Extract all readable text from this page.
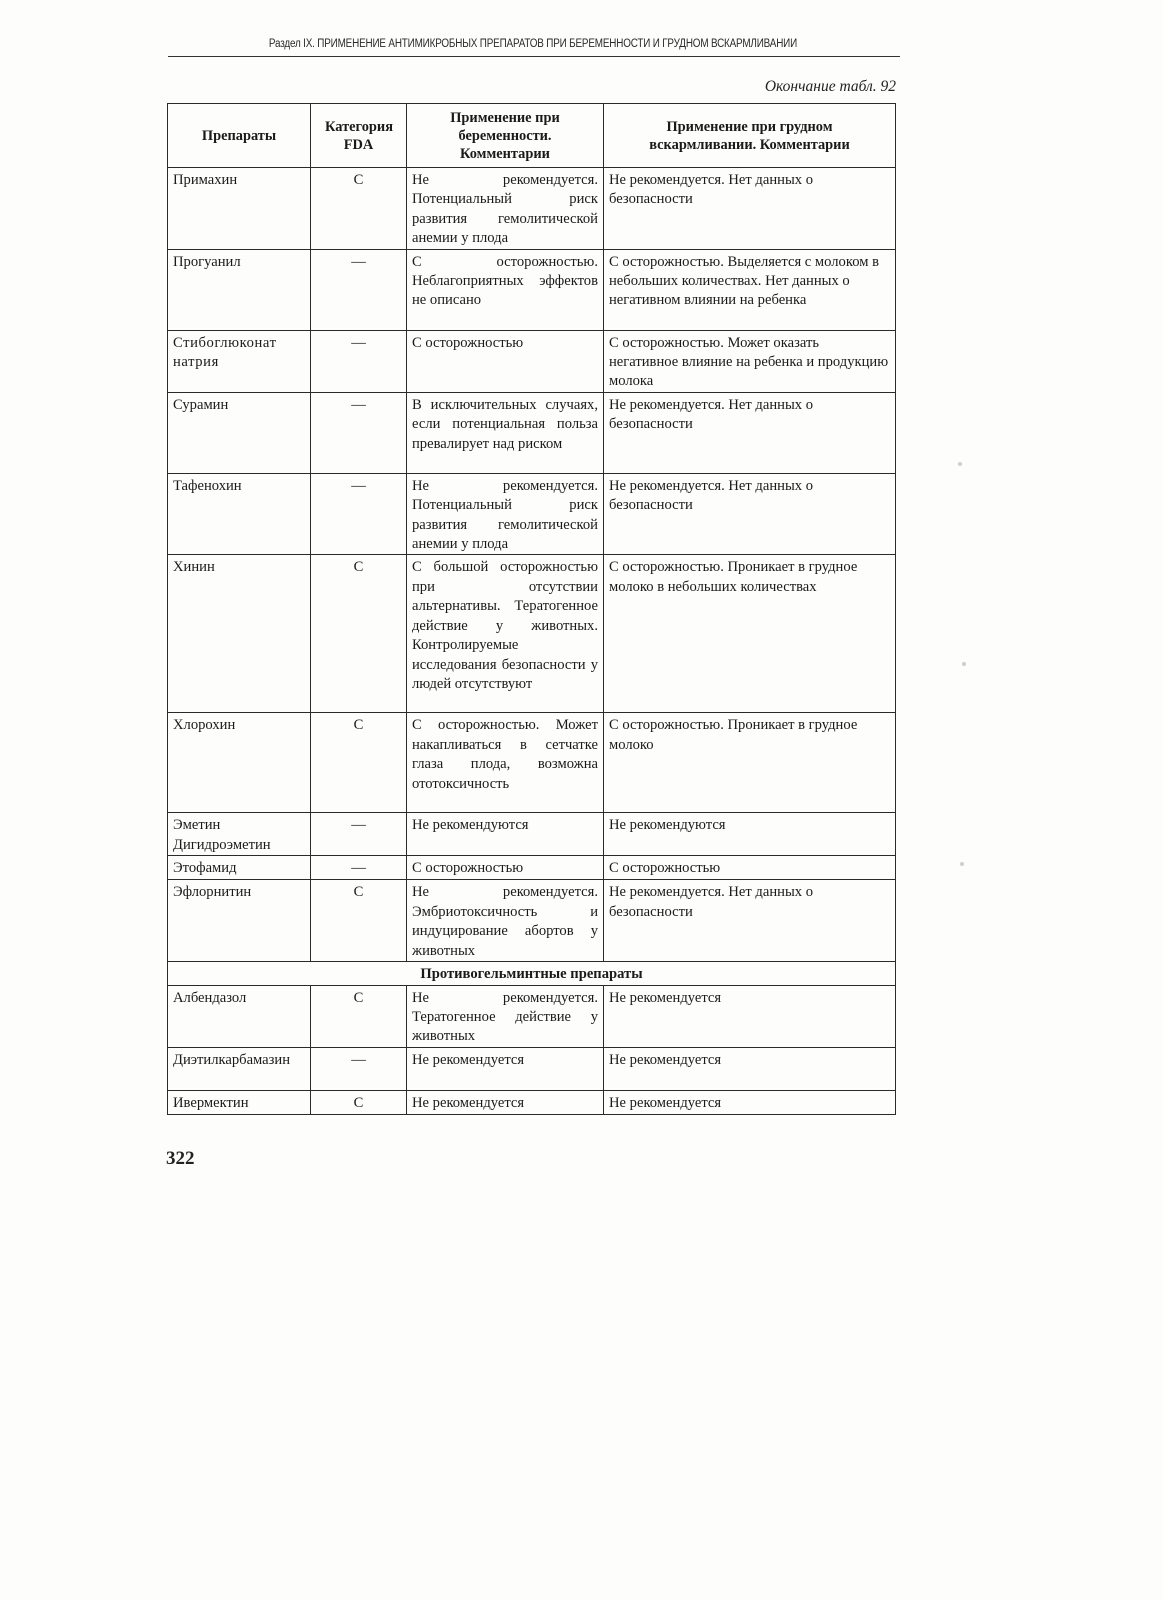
Раздел IX. ПРИМЕНЕНИЕ АНТИМИКРОБНЫХ ПРЕПАРАТОВ ПРИ БЕРЕМЕННОСТИ И ГРУДНОМ ВСКАРМЛИВАНИИ
Окончание табл. 92
Препараты	Категория FDA	Применение при беременности. Комментарии	Применение при грудном вскармливании. Комментарии
Примахин	C	Не рекомендуется. Потенциальный риск развития гемолитической анемии у плода	Не рекомендуется. Нет данных о безопасности
Прогуанил	—	С осторожностью. Неблагоприятных эффектов не описано	С осторожностью. Выделяется с молоком в небольших количествах. Нет данных о негативном влиянии на ребенка
Стибоглюконат натрия	—	С осторожностью	С осторожностью. Может оказать негативное влияние на ребенка и продукцию молока
Сурамин	—	В исключительных случаях, если потенциальная польза превалирует над риском	Не рекомендуется. Нет данных о безопасности
Тафенохин	—	Не рекомендуется. Потенциальный риск развития гемолитической анемии у плода	Не рекомендуется. Нет данных о безопасности
Хинин	C	С большой осторожностью при отсутствии альтернативы. Тератогенное действие у животных. Контролируемые исследования безопасности у людей отсутствуют	С осторожностью. Проникает в грудное молоко в небольших количествах
Хлорохин	C	С осторожностью. Может накапливаться в сетчатке глаза плода, возможна ототоксичность	С осторожностью. Проникает в грудное молоко
Эметин Дигидроэметин	—	Не рекомендуются	Не рекомендуются
Этофамид	—	С осторожностью	С осторожностью
Эфлорнитин	C	Не рекомендуется. Эмбриотоксичность и индуцирование абортов у животных	Не рекомендуется. Нет данных о безопасности
Противогельминтные препараты			
Албендазол	C	Не рекомендуется. Тератогенное действие у животных	Не рекомендуется
Диэтилкарбамазин	—	Не рекомендуется	Не рекомендуется
Ивермектин	C	Не рекомендуется	Не рекомендуется
322
